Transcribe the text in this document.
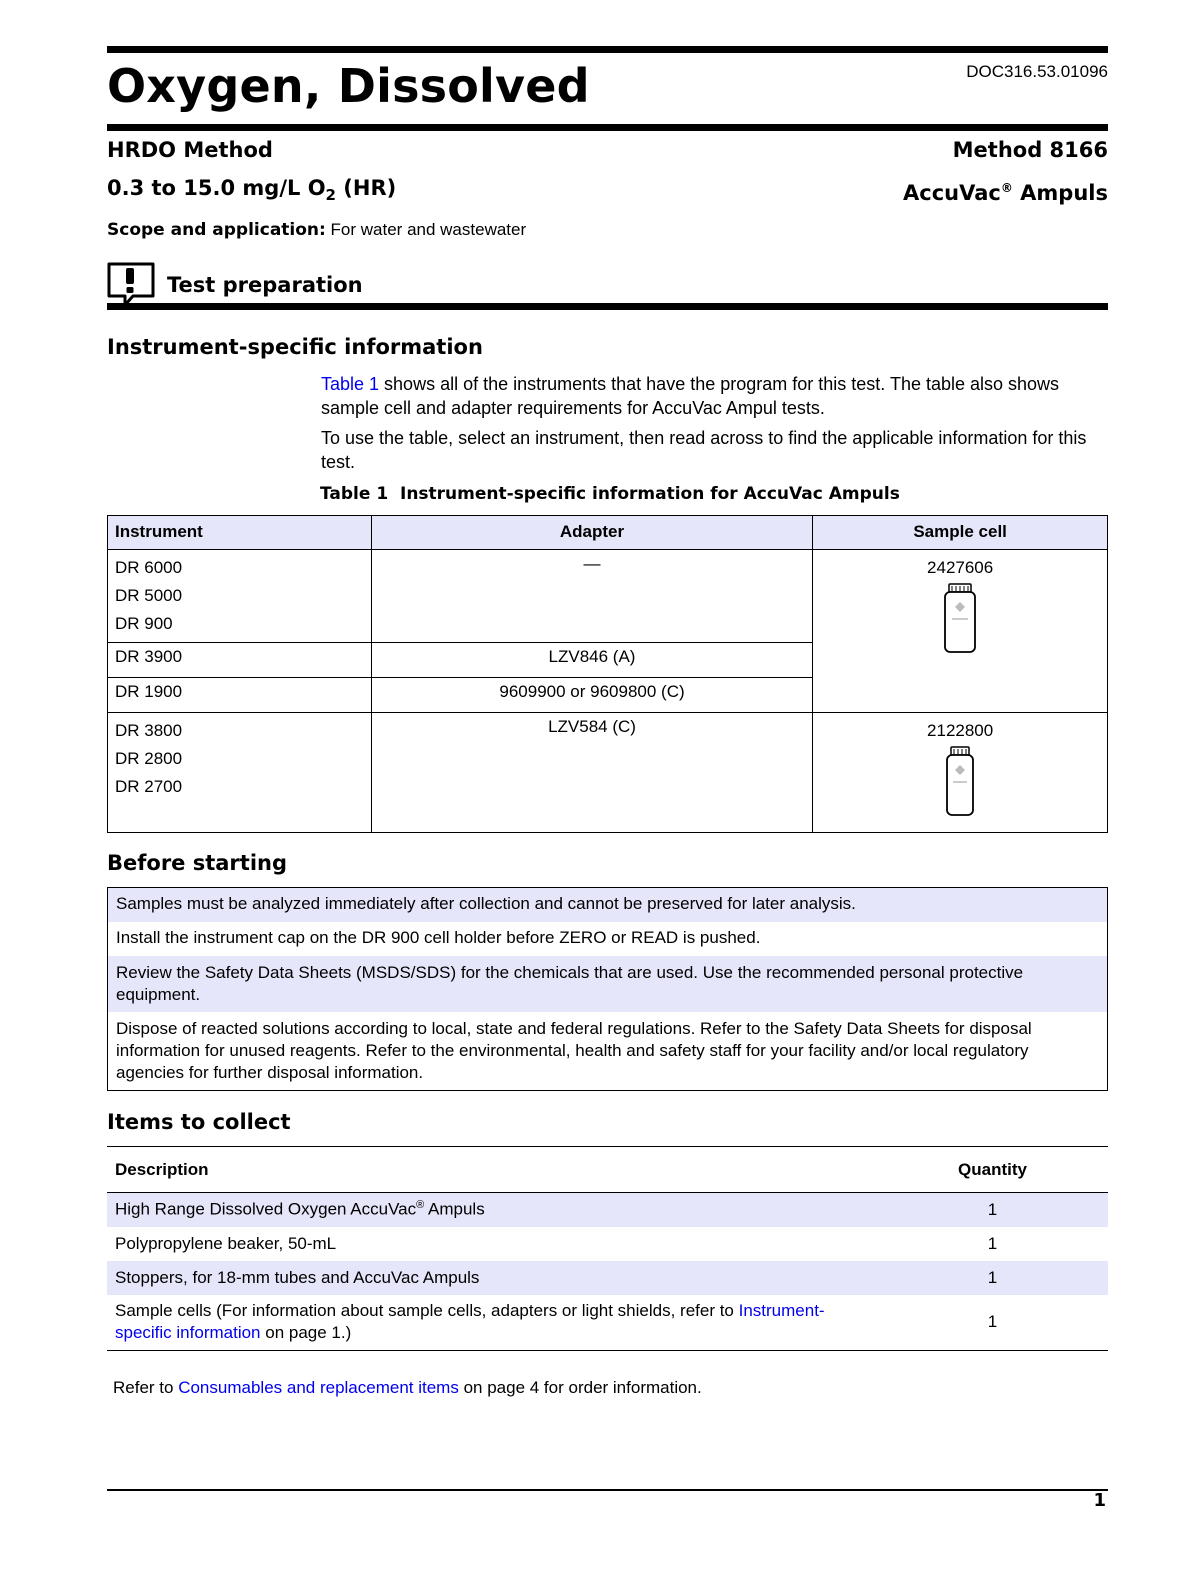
Oxygen, Dissolved	DOC316.53.01096
HRDO Method	Method 8166
0.3 to 15.0 mg/L $O_2$ (HR)	AccuVac® Ampuls
Scope and application: For water and wastewater
Test preparation
Instrument-specific information
Table 1 shows all of the instruments that have the program for this test. The table also shows sample cell and adapter requirements for AccuVac Ampul tests.
To use the table, select an instrument, then read across to find the applicable information for this test.
Table 1 Instrument-specific information for AccuVac Ampuls
Instrument	Adapter	Sample cell

DR 6000
DR 5000
DR 900	—	2427606

DR 3900	LZV846 (A)	

DR 1900	9609900 or 9609800 (C)	

DR 3800
DR 2800
DR 2700	LZV584 (C)	2122800
Before starting
Samples must be analyzed immediately after collection and cannot be preserved for later analysis.

Install the instrument cap on the DR 900 cell holder before ZERO or READ is pushed.

Review the Safety Data Sheets (MSDS/SDS) for the chemicals that are used. Use the recommended personal protective equipment.

Dispose of reacted solutions according to local, state and federal regulations. Refer to the Safety Data Sheets for disposal information for unused reagents. Refer to the environmental, health and safety staff for your facility and/or local regulatory agencies for further disposal information.
Items to collect
Description	Quantity

High Range Dissolved Oxygen AccuVac® Ampuls	1

Polypropylene beaker, 50-mL	1

Stoppers, for 18-mm tubes and AccuVac Ampuls	1

Sample cells (For information about sample cells, adapters or light shields, refer to Instrument-specific information on page 1.)	1
Refer to Consumables and replacement items on page 4 for order information.
1
